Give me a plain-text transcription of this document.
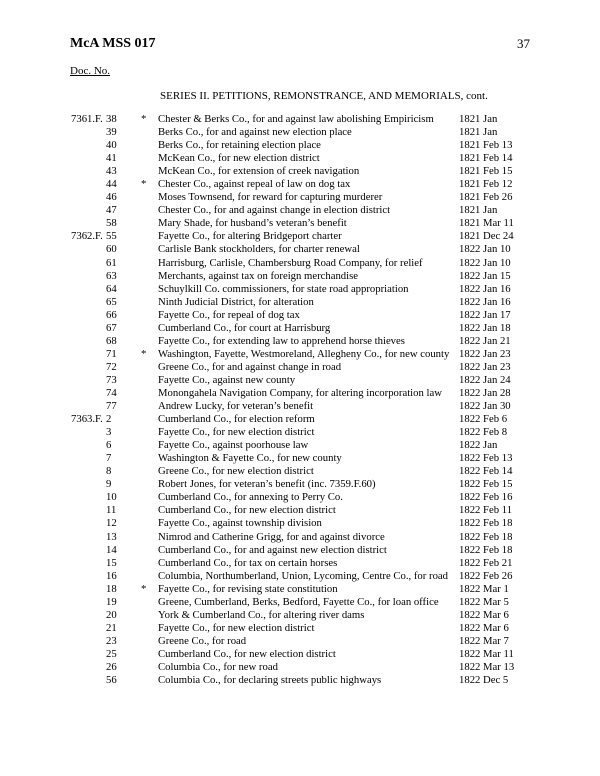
McA MSS 017	37
Doc. No.
SERIES II. PETITIONS, REMONSTRANCE, AND MEMORIALS, cont.
7361.F. 38 * Chester & Berks Co., for and against law abolishing Empiricism 1821 Jan
39	Berks Co., for and against new election place	1821 Jan
40	Berks Co., for retaining election place	1821 Feb 13
41	McKean Co., for new election district	1821 Feb 14
43	McKean Co., for extension of creek navigation	1821 Feb 15
44 * Chester Co., against repeal of law on dog tax	1821 Feb 12
46	Moses Townsend, for reward for capturing murderer	1821 Feb 26
47	Chester Co., for and against change in election district	1821 Jan
58	Mary Shade, for husband’s veteran’s benefit	1821 Mar 11
7362.F. 55	Fayette Co., for altering Bridgeport charter	1821 Dec 24
60	Carlisle Bank stockholders, for charter renewal	1822 Jan 10
61	Harrisburg, Carlisle, Chambersburg Road Company, for relief	1822 Jan 10
63	Merchants, against tax on foreign merchandise	1822 Jan 15
64	Schuylkill Co. commissioners, for state road appropriation	1822 Jan 16
65	Ninth Judicial District, for alteration	1822 Jan 16
66	Fayette Co., for repeal of dog tax	1822 Jan 17
67	Cumberland Co., for court at Harrisburg	1822 Jan 18
68	Fayette Co., for extending law to apprehend horse thieves	1822 Jan 21
71 * Washington, Fayette, Westmoreland, Allegheny Co., for new county 1822 Jan 23
72	Greene Co., for and against change in road	1822 Jan 23
73	Fayette Co., against new county	1822 Jan 24
74	Monongahela Navigation Company, for altering incorporation law 1822 Jan 28
77	Andrew Lucky, for veteran’s benefit	1822 Jan 30
7363.F. 2	Cumberland Co., for election reform	1822 Feb 6
3	Fayette Co., for new election district	1822 Feb 8
6	Fayette Co., against poorhouse law	1822 Jan
7	Washington & Fayette Co., for new county	1822 Feb 13
8	Greene Co., for new election district	1822 Feb 14
9	Robert Jones, for veteran’s benefit (inc. 7359.F.60)	1822 Feb 15
10	Cumberland Co., for annexing to Perry Co.	1822 Feb 16
11	Cumberland Co., for new election district	1822 Feb 11
12	Fayette Co., against township division	1822 Feb 18
13	Nimrod and Catherine Grigg, for and against divorce	1822 Feb 18
14	Cumberland Co., for and against new election district	1822 Feb 18
15	Cumberland Co., for tax on certain horses	1822 Feb 21
16	Columbia, Northumberland, Union, Lycoming, Centre Co., for road 1822 Feb 26
18 * Fayette Co., for revising state constitution	1822 Mar 1
19	Greene, Cumberland, Berks, Bedford, Fayette Co., for loan office 1822 Mar 5
20	York & Cumberland Co., for altering river dams	1822 Mar 6
21	Fayette Co., for new election district	1822 Mar 6
23	Greene Co., for road	1822 Mar 7
25	Cumberland Co., for new election district	1822 Mar 11
26	Columbia Co., for new road	1822 Mar 13
56	Columbia Co., for declaring streets public highways	1822 Dec 5
